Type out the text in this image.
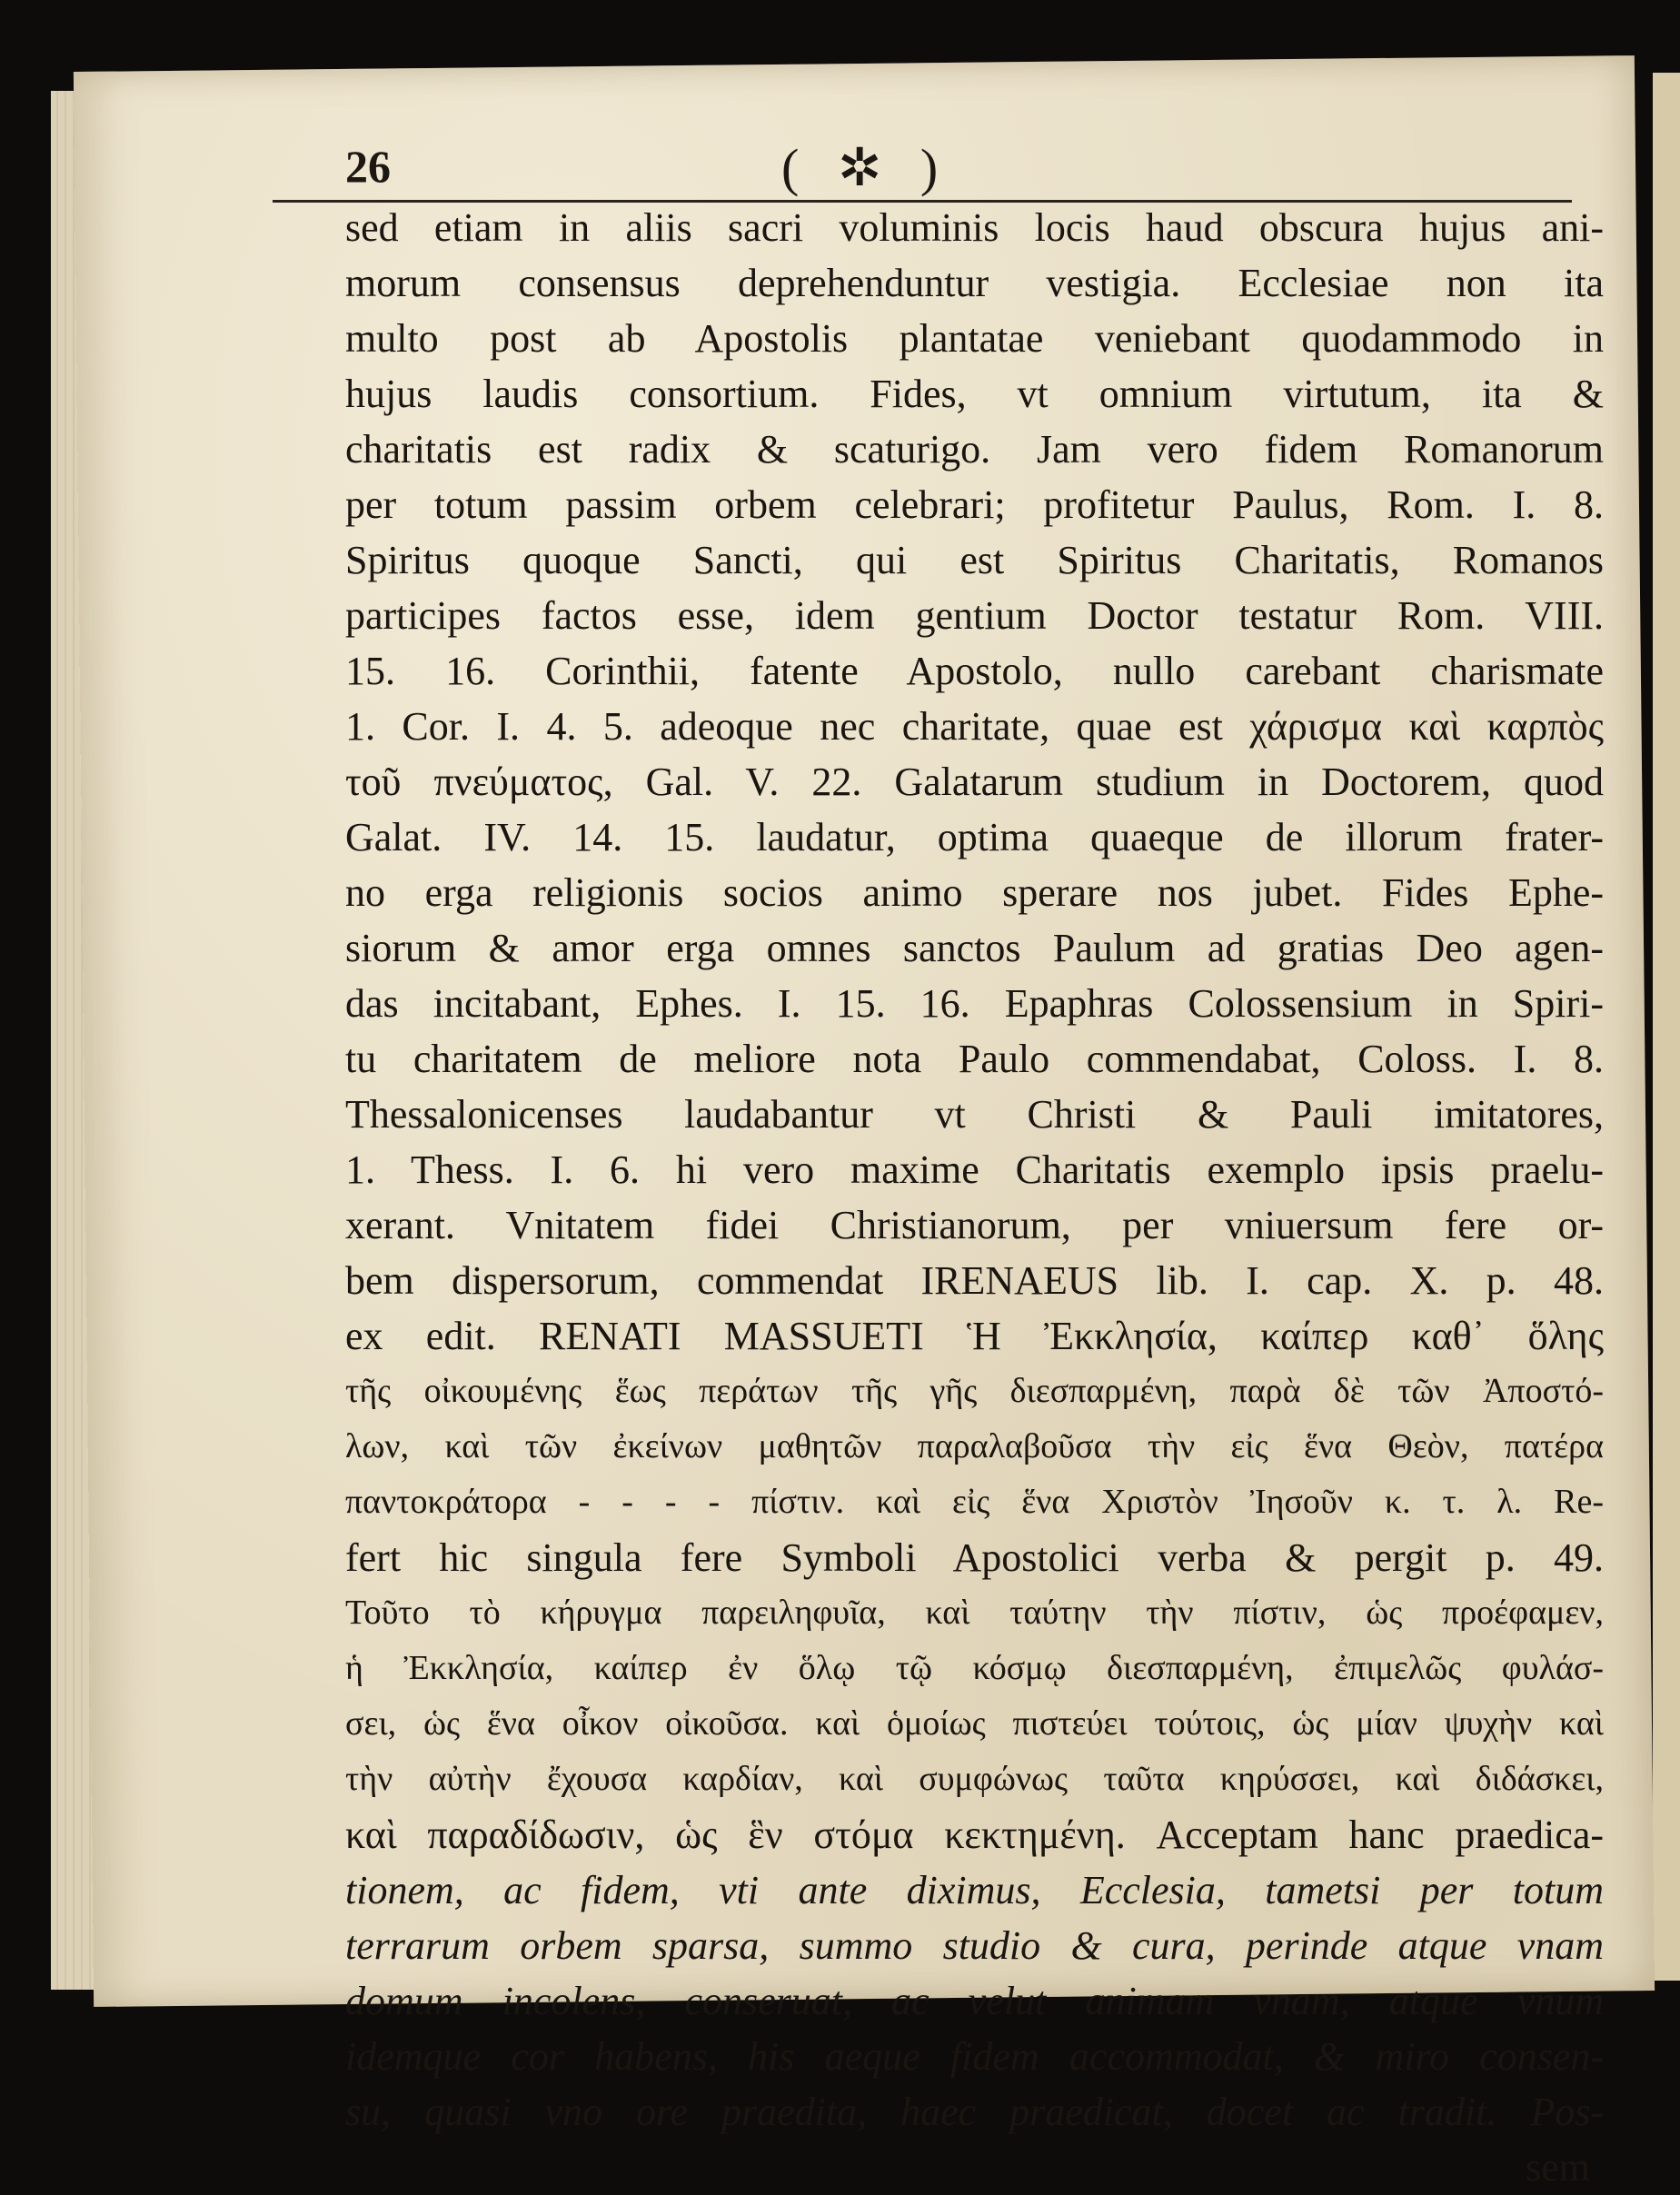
26	( ✲ )
sed etiam in aliis sacri voluminis locis haud obscura hujus ani-
morum consensus deprehenduntur vestigia. Ecclesiae non ita
multo post ab Apostolis plantatae veniebant quodammodo in
hujus laudis consortium. Fides, vt omnium virtutum, ita &
charitatis est radix & scaturigo. Jam vero fidem Romanorum
per totum passim orbem celebrari; profitetur Paulus, Rom. I. 8.
Spiritus quoque Sancti, qui est Spiritus Charitatis, Romanos
participes factos esse, idem gentium Doctor testatur Rom. VIII.
15. 16. Corinthii, fatente Apostolo, nullo carebant charismate
1. Cor. I. 4. 5. adeoque nec charitate, quae est χάρισμα καὶ καρπὸς
τοῦ πνεύματος, Gal. V. 22. Galatarum studium in Doctorem, quod
Galat. IV. 14. 15. laudatur, optima quaeque de illorum frater-
no erga religionis socios animo sperare nos jubet. Fides Ephe-
siorum & amor erga omnes sanctos Paulum ad gratias Deo agen-
das incitabant, Ephes. I. 15. 16. Epaphras Colossensium in Spiri-
tu charitatem de meliore nota Paulo commendabat, Coloss. I. 8.
Thessalonicenses laudabantur vt Christi & Pauli imitatores,
1. Thess. I. 6. hi vero maxime Charitatis exemplo ipsis praelu-
xerant. Vnitatem fidei Christianorum, per vniuersum fere or-
bem dispersorum, commendat IRENAEUS lib. I. cap. X. p. 48.
ex edit. RENATI MASSUETI Ἡ Ἐκκλησία, καίπερ καθ᾽ ὅλης
τῆς οἰκουμένης ἕως περάτων τῆς γῆς διεσπαρμένη, παρὰ δὲ τῶν Ἀποστό-
λων, καὶ τῶν ἐκείνων μαθητῶν παραλαβοῦσα τὴν εἰς ἕνα Θεὸν, πατέρα
παντοκράτορα - - - - πίστιν. καὶ εἰς ἕνα Χριστὸν Ἰησοῦν κ. τ. λ. Re-
fert hic singula fere Symboli Apostolici verba & pergit p. 49.
Τοῦτο τὸ κήρυγμα παρειληφυῖα, καὶ ταύτην τὴν πίστιν, ὡς προέφαμεν,
ἡ Ἐκκλησία, καίπερ ἐν ὅλῳ τῷ κόσμῳ διεσπαρμένη, ἐπιμελῶς φυλάσ-
σει, ὡς ἕνα οἶκον οἰκοῦσα. καὶ ὁμοίως πιστεύει τούτοις, ὡς μίαν ψυχὴν καὶ
τὴν αὐτὴν ἔχουσα καρδίαν, καὶ συμφώνως ταῦτα κηρύσσει, καὶ διδάσκει,
καὶ παραδίδωσιν, ὡς ἓν στόμα κεκτημένη. Acceptam hanc praedica-
tionem, ac fidem, vti ante diximus, Ecclesia, tametsi per totum
terrarum orbem sparsa, summo studio & cura, perinde atque vnam
domum incolens, conseruat, ac velut animam vnam, atque vnum
idemque cor habens, his aeque fidem accommodat, & miro consen-
su, quasi vno ore praedita, haec praedicat, docet ac tradit. Pos-
sem
